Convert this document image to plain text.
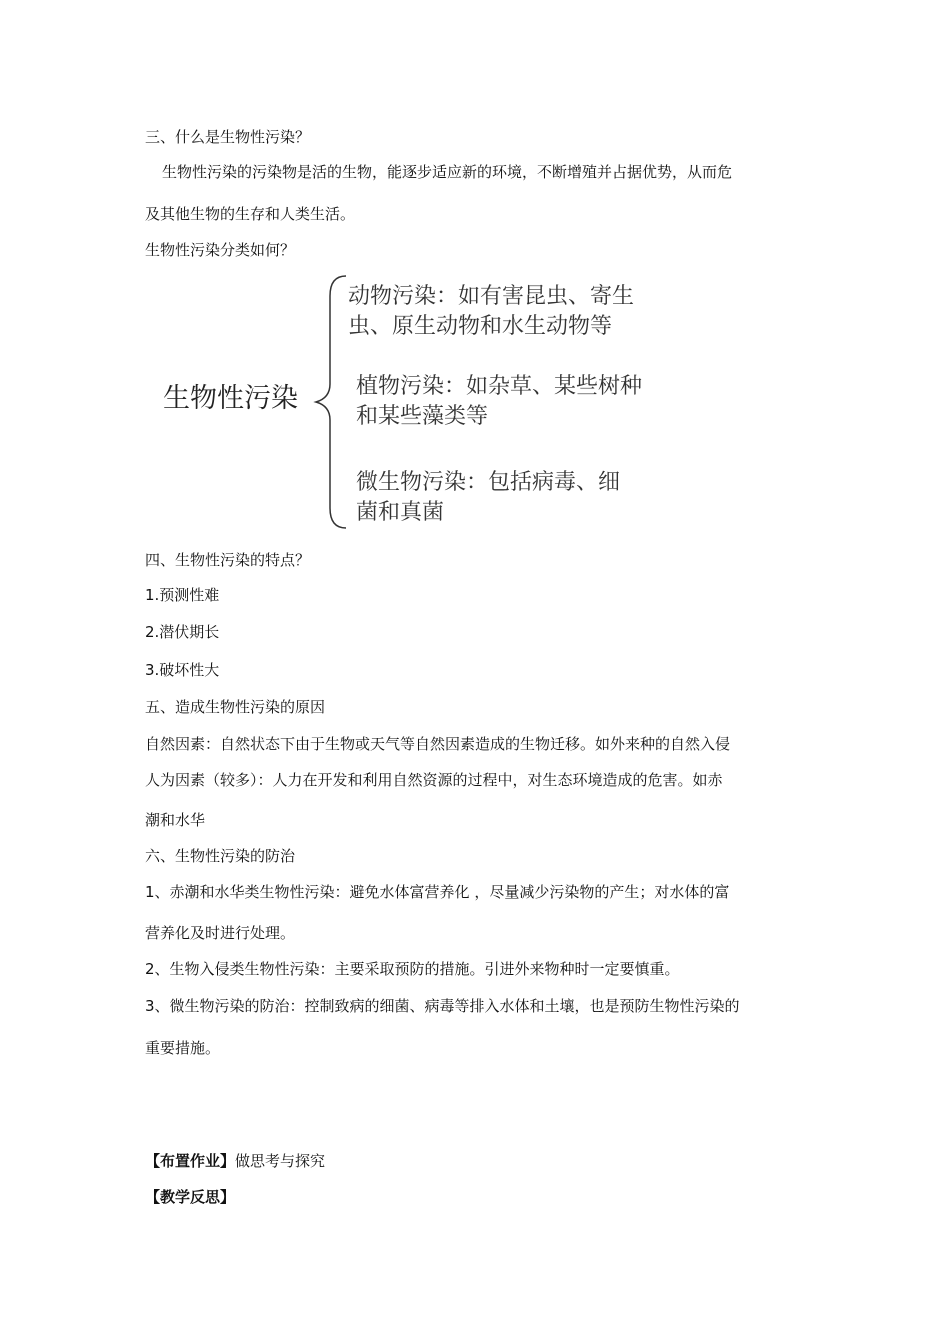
三、什么是生物性污染？

生物性污染的污染物是活的生物，能逐步适应新的环境，不断增殖并占据优势，从而危

及其他生物的生存和人类生活。

生物性污染分类如何？

生物性污染
动物污染：如有害昆虫、寄生
虫、原生动物和水生动物等
植物污染：如杂草、某些树种
和某些藻类等
微生物污染：包括病毒、细
菌和真菌

四、生物性污染的特点？

1.预测性难

2.潜伏期长

3.破坏性大

五、造成生物性污染的原因

自然因素：自然状态下由于生物或天气等自然因素造成的生物迁移。如外来种的自然入侵

人为因素（较多）：人力在开发和利用自然资源的过程中，对生态环境造成的危害。如赤

潮和水华

六、生物性污染的防治

1、赤潮和水华类生物性污染：避免水体富营养化 ，尽量减少污染物的产生；对水体的富

营养化及时进行处理。

2、生物入侵类生物性污染：主要采取预防的措施。引进外来物种时一定要慎重。

3、微生物污染的防治：控制致病的细菌、病毒等排入水体和土壤，也是预防生物性污染的

重要措施。

【布置作业】做思考与探究

【教学反思】
